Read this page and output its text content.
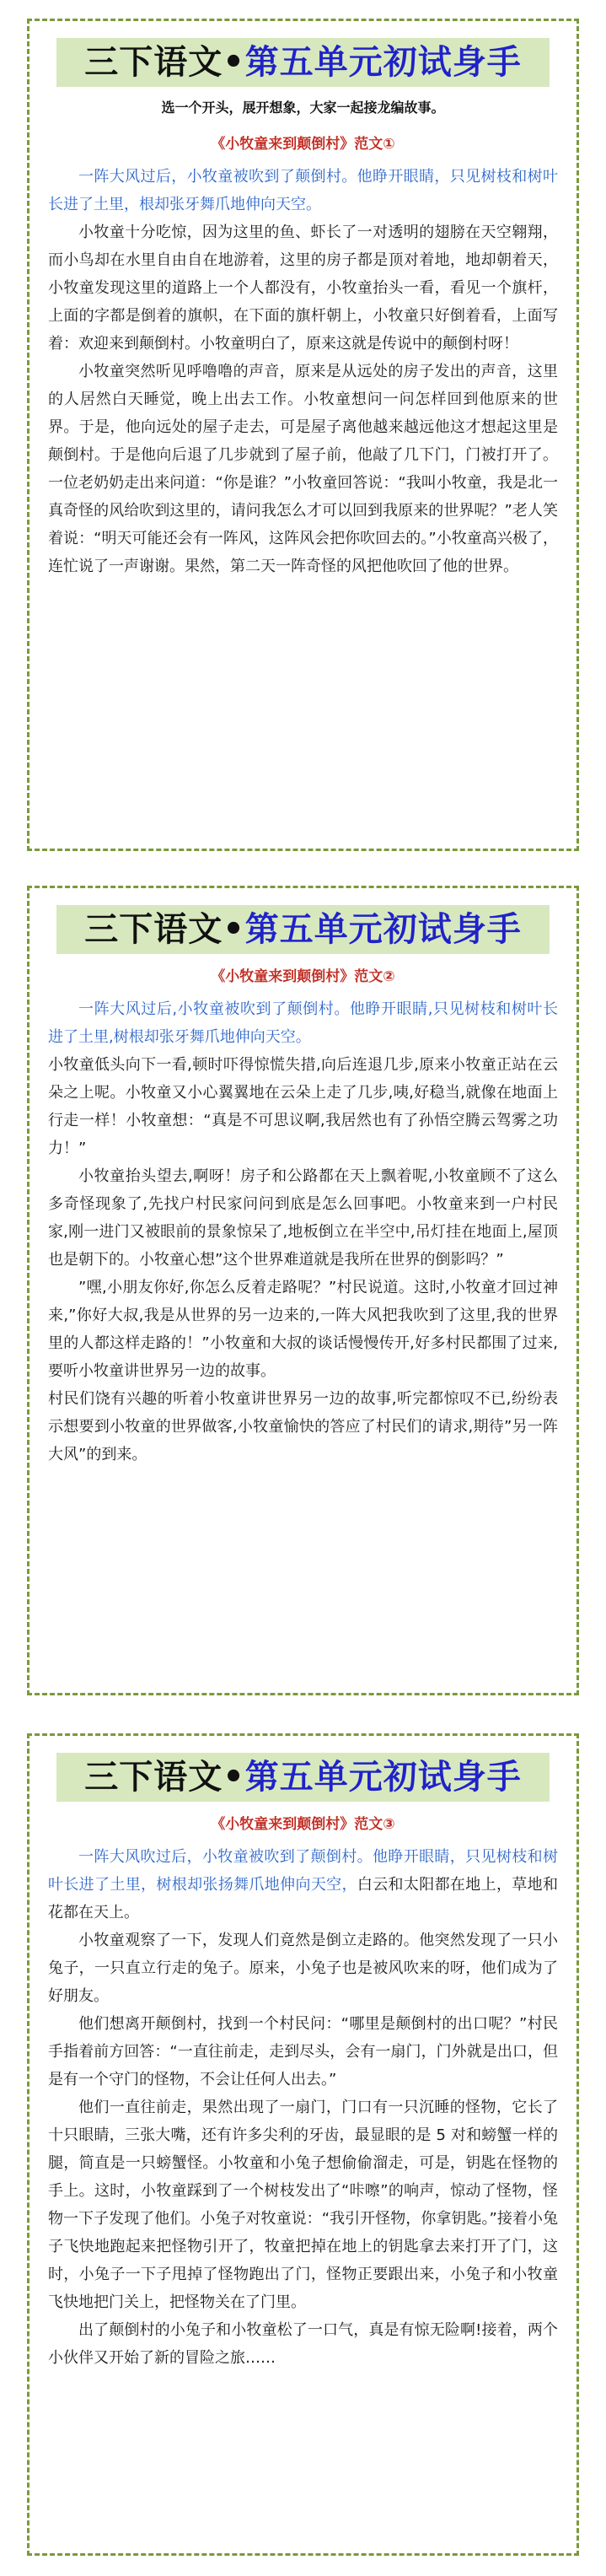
三下语文•第五单元初试身手
选一个开头，展开想象，大家一起接龙编故事。
《小牧童来到颠倒村》范文①

一阵大风过后，小牧童被吹到了颠倒村。他睁开眼睛，只见树枝和树叶长进了土里，根却张牙舞爪地伸向天空。

小牧童十分吃惊，因为这里的鱼、虾长了一对透明的翅膀在天空翱翔，而小鸟却在水里自由自在地游着，这里的房子都是顶对着地，地却朝着天，小牧童发现这里的道路上一个人都没有，小牧童抬头一看，看见一个旗杆，上面的字都是倒着的旗帜，在下面的旗杆朝上，小牧童只好倒着看，上面写着：欢迎来到颠倒村。小牧童明白了，原来这就是传说中的颠倒村呀！

小牧童突然听见呼噜噜的声音，原来是从远处的房子发出的声音，这里的人居然白天睡觉，晚上出去工作。小牧童想问一问怎样回到他原来的世界。于是，他向远处的屋子走去，可是屋子离他越来越远他这才想起这里是颠倒村。于是他向后退了几步就到了屋子前，他敲了几下门，门被打开了。一位老奶奶走出来问道：“你是谁？”小牧童回答说：“我叫小牧童，我是北一真奇怪的风给吹到这里的，请问我怎么才可以回到我原来的世界呢？”老人笑着说：“明天可能还会有一阵风，这阵风会把你吹回去的。”小牧童高兴极了，连忙说了一声谢谢。果然，第二天一阵奇怪的风把他吹回了他的世界。

三下语文•第五单元初试身手
《小牧童来到颠倒村》范文②

一阵大风过后,小牧童被吹到了颠倒村。他睁开眼睛,只见树枝和树叶长进了土里,树根却张牙舞爪地伸向天空。

小牧童低头向下一看,顿时吓得惊慌失措,向后连退几步,原来小牧童正站在云朵之上呢。小牧童又小心翼翼地在云朵上走了几步,咦,好稳当,就像在地面上行走一样！小牧童想：“真是不可思议啊,我居然也有了孙悟空腾云驾雾之功力！”

小牧童抬头望去,啊呀！房子和公路都在天上飘着呢,小牧童顾不了这么多奇怪现象了,先找户村民家问问到底是怎么回事吧。小牧童来到一户村民家,刚一进门又被眼前的景象惊呆了,地板倒立在半空中,吊灯挂在地面上,屋顶也是朝下的。小牧童心想”这个世界难道就是我所在世界的倒影吗？”

”嘿,小朋友你好,你怎么反着走路呢？”村民说道。这时,小牧童才回过神来,”你好大叔,我是从世界的另一边来的,一阵大风把我吹到了这里,我的世界里的人都这样走路的！”小牧童和大叔的谈话慢慢传开,好多村民都围了过来,要听小牧童讲世界另一边的故事。

村民们饶有兴趣的听着小牧童讲世界另一边的故事,听完都惊叹不已,纷纷表示想要到小牧童的世界做客,小牧童愉快的答应了村民们的请求,期待”另一阵大风”的到来。

三下语文•第五单元初试身手
《小牧童来到颠倒村》范文③

一阵大风吹过后，小牧童被吹到了颠倒村。他睁开眼睛，只见树枝和树叶长进了土里，树根却张扬舞爪地伸向天空，白云和太阳都在地上，草地和花都在天上。

小牧童观察了一下，发现人们竟然是倒立走路的。他突然发现了一只小兔子，一只直立行走的兔子。原来，小兔子也是被风吹来的呀，他们成为了好朋友。

他们想离开颠倒村，找到一个村民问：“哪里是颠倒村的出口呢？”村民手指着前方回答：“一直往前走，走到尽头，会有一扇门，门外就是出口，但是有一个守门的怪物，不会让任何人出去。”

他们一直往前走，果然出现了一扇门，门口有一只沉睡的怪物，它长了十只眼睛，三张大嘴，还有许多尖利的牙齿，最显眼的是 5 对和螃蟹一样的腿，简直是一只螃蟹怪。小牧童和小兔子想偷偷溜走，可是，钥匙在怪物的手上。这时，小牧童踩到了一个树枝发出了“咔嚓”的响声，惊动了怪物，怪物一下子发现了他们。小兔子对牧童说：“我引开怪物，你拿钥匙。”接着小兔子飞快地跑起来把怪物引开了，牧童把掉在地上的钥匙拿去来打开了门，这时，小兔子一下子甩掉了怪物跑出了门，怪物正要跟出来，小兔子和小牧童飞快地把门关上，把怪物关在了门里。

出了颠倒村的小兔子和小牧童松了一口气，真是有惊无险啊!接着，两个小伙伴又开始了新的冒险之旅……
